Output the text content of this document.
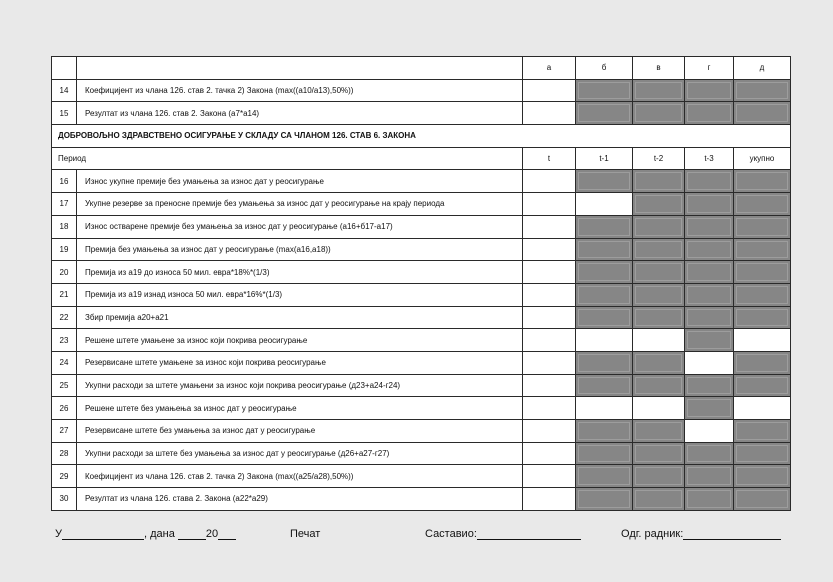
		а	б	в	г	д
14	Коефицијент из члана 126. став 2. тачка 2) Закона (max((а10/а13),50%))					
15	Резултат из члана 126. став 2. Закона (а7*а14)					
ДОБРОВОЉНО ЗДРАВСТВЕНО ОСИГУРАЊЕ У СКЛАДУ СА ЧЛАНОМ 126. СТАВ 6. ЗАКОНА						
Период		t	t-1	t-2	t-3	укупно
16	Износ укупне премије без умањења за износ дат у реосигурање					
17	Укупне резерве за преносне премије без умањења за износ дат у реосигурање на крају периода					
18	Износ остварене премије без умањења за износ дат у реосигурање (а16+б17-а17)					
19	Премија без умањења за износ дат у реосигурање (max(а16,а18))					
20	Премија из а19 до износа 50 мил. евра*18%*(1/3)					
21	Премија из а19 изнад износа 50 мил. евра*16%*(1/3)					
22	Збир премија а20+а21					
23	Решене штете умањене за износ који покрива реосигурање					
24	Резервисане штете умањене за износ који покрива реосигурање					
25	Укупни расходи за штете умањени за износ који покрива реосигурање (д23+а24-г24)					
26	Решене штете без умањења за износ дат у реосигурање					
27	Резервисане штете без умањења за износ дат у реосигурање					
28	Укупни расходи за штете без умањења за износ дат у реосигурање (д26+а27-г27)					
29	Коефицијент из члана 126. став 2. тачка 2) Закона (max((а25/а28),50%))					
30	Резултат из члана 126. става 2. Закона (а22*а29)					
У	, дана	20	Печат	Саставио:	Одг. радник:
